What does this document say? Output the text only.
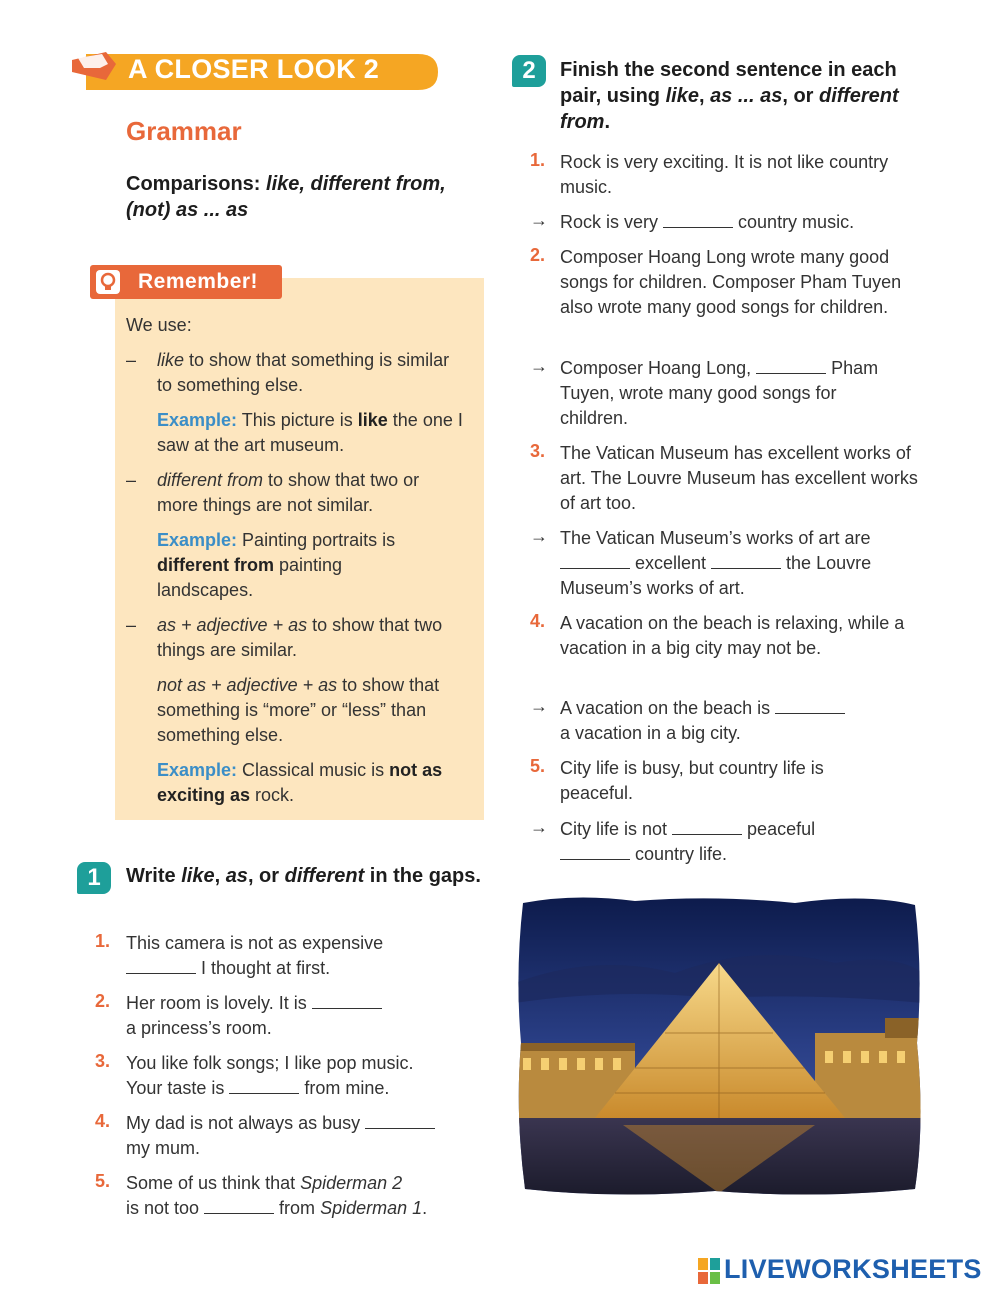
A CLOSER LOOK 2
Grammar
Comparisons: like, different from, (not) as ... as
Remember!
We use:
– like to show that something is similar to something else.
Example: This picture is like the one I saw at the art museum.
– different from to show that two or more things are not similar.
Example: Painting portraits is different from painting landscapes.
– as + adjective + as to show that two things are similar.
not as + adjective + as to show that something is “more” or “less” than something else.
Example: Classical music is not as exciting as rock.
1	Write like, as, or different in the gaps.
1. This camera is not as expensive
I thought at first.
2. Her room is lovely. It is
a princess’s room.
3. You like folk songs; I like pop music.
Your taste is	from mine.
4. My dad is not always as busy
my mum.
5. Some of us think that Spiderman 2
is not too	from Spiderman 1.
2	Finish the second sentence in each pair, using like, as ... as, or different from.
1. Rock is very exciting. It is not like country music.
→ Rock is very	country music.
2. Composer Hoang Long wrote many good songs for children. Composer Pham Tuyen also wrote many good songs for children.
→ Composer Hoang Long,	Pham Tuyen, wrote many good songs for children.
3. The Vatican Museum has excellent works of art. The Louvre Museum has excellent works of art too.
→ The Vatican Museum’s works of art are  excellent	the Louvre Museum’s works of art.
4. A vacation on the beach is relaxing, while a vacation in a big city may not be.
→ A vacation on the beach is
a vacation in a big city.
5. City life is busy, but country life is peaceful.
→ City life is not	peaceful
country life.
LIVEWORKSHEETS
